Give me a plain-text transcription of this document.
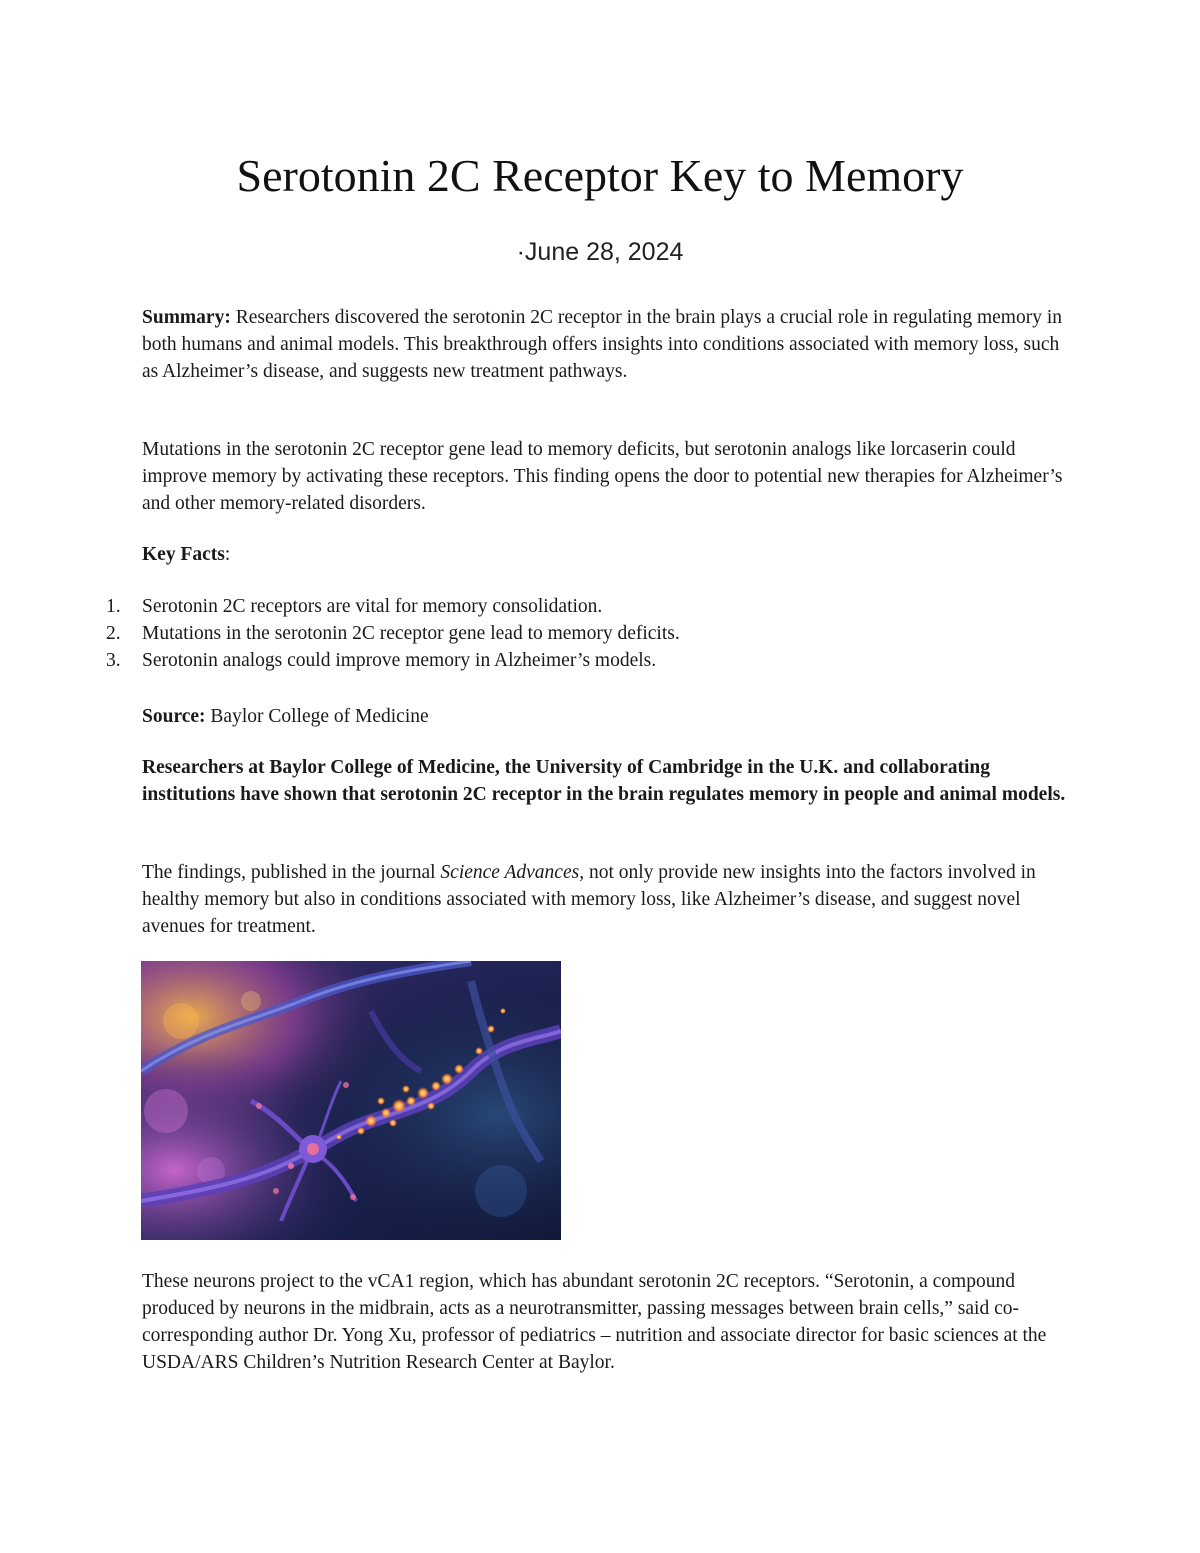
Serotonin 2C Receptor Key to Memory
·June 28, 2024

Summary: Researchers discovered the serotonin 2C receptor in the brain plays a crucial role in regulating memory in both humans and animal models. This breakthrough offers insights into conditions associated with memory loss, such as Alzheimer’s disease, and suggests new treatment pathways.

Mutations in the serotonin 2C receptor gene lead to memory deficits, but serotonin analogs like lorcaserin could improve memory by activating these receptors. This finding opens the door to potential new therapies for Alzheimer’s and other memory-related disorders.

Key Facts:

1. Serotonin 2C receptors are vital for memory consolidation.
2. Mutations in the serotonin 2C receptor gene lead to memory deficits.
3. Serotonin analogs could improve memory in Alzheimer’s models.

Source: Baylor College of Medicine

Researchers at Baylor College of Medicine, the University of Cambridge in the U.K. and collaborating institutions have shown that serotonin 2C receptor in the brain regulates memory in people and animal models.

The findings, published in the journal Science Advances, not only provide new insights into the factors involved in healthy memory but also in conditions associated with memory loss, like Alzheimer’s disease, and suggest novel avenues for treatment.

These neurons project to the vCA1 region, which has abundant serotonin 2C receptors. “Serotonin, a compound produced by neurons in the midbrain, acts as a neurotransmitter, passing messages between brain cells,” said co-corresponding author Dr. Yong Xu, professor of pediatrics – nutrition and associate director for basic sciences at the USDA/ARS Children’s Nutrition Research Center at Baylor.
